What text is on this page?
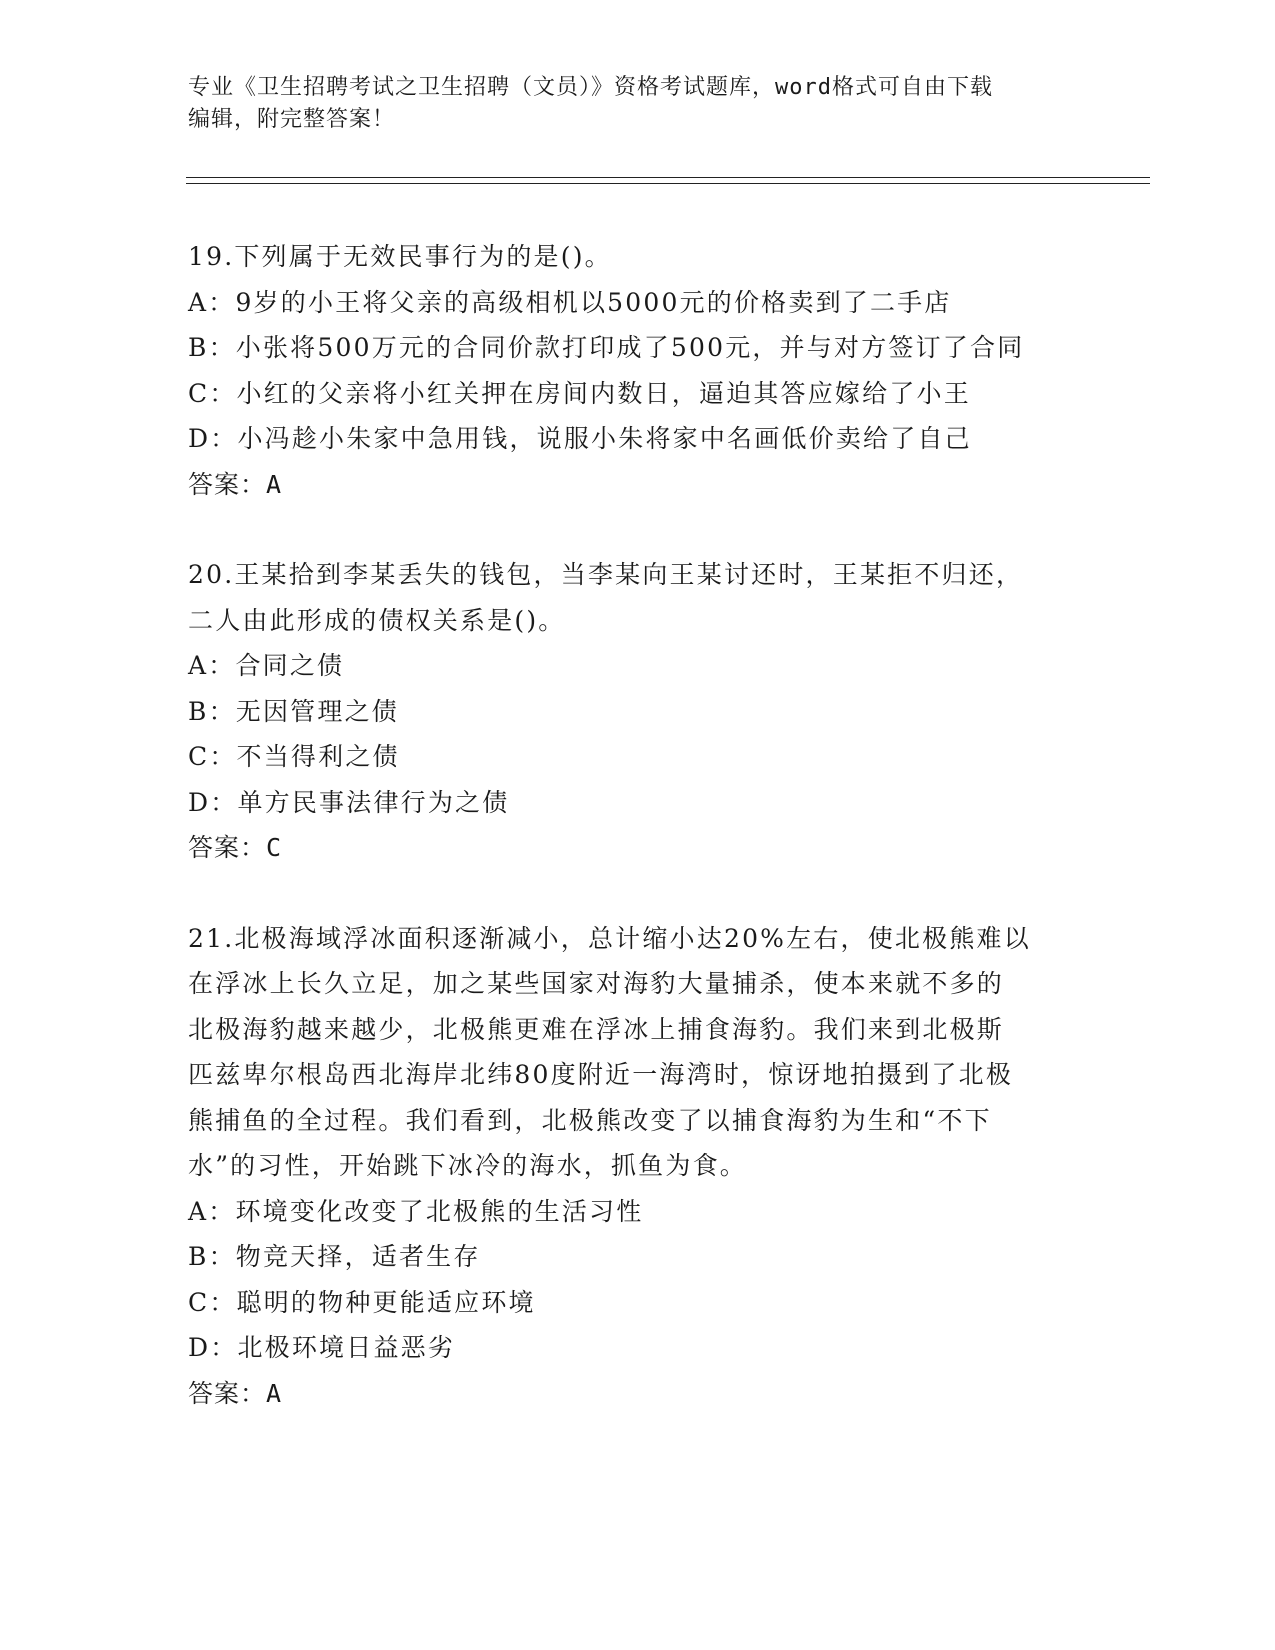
专业《卫生招聘考试之卫生招聘（文员）》资格考试题库，word格式可自由下载

编辑，附完整答案！

19.下列属于无效民事行为的是()。

A：9岁的小王将父亲的高级相机以5000元的价格卖到了二手店

B：小张将500万元的合同价款打印成了500元，并与对方签订了合同

C：小红的父亲将小红关押在房间内数日，逼迫其答应嫁给了小王

D：小冯趁小朱家中急用钱，说服小朱将家中名画低价卖给了自己

答案：A

20.王某拾到李某丢失的钱包，当李某向王某讨还时，王某拒不归还，

二人由此形成的债权关系是()。

A：合同之债

B：无因管理之债

C：不当得利之债

D：单方民事法律行为之债

答案：C

21.北极海域浮冰面积逐渐减小，总计缩小达20%左右，使北极熊难以

在浮冰上长久立足，加之某些国家对海豹大量捕杀，使本来就不多的

北极海豹越来越少，北极熊更难在浮冰上捕食海豹。我们来到北极斯

匹兹卑尔根岛西北海岸北纬80度附近一海湾时，惊讶地拍摄到了北极

熊捕鱼的全过程。我们看到，北极熊改变了以捕食海豹为生和“不下

水”的习性，开始跳下冰冷的海水，抓鱼为食。

A：环境变化改变了北极熊的生活习性

B：物竞天择，适者生存

C：聪明的物种更能适应环境

D：北极环境日益恶劣

答案：A
